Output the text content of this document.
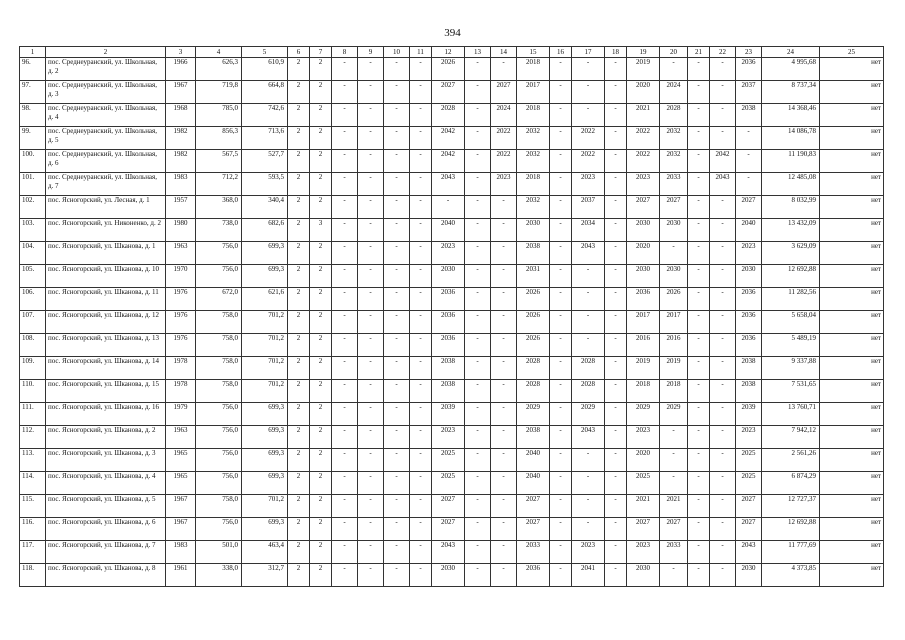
394
1	2	3	4	5	6	7	8	9	10	11	12	13	14	15	16	17	18	19	20	21	22	23	24	25
96.	пос. Среднеуранский, ул. Школьная, д. 2	1966	626,3	610,9	2	2	-	-	-	-	2026	-	-	2018	-	-	-	2019	-	-	-	2036	4 995,68	нет
97.	пос. Среднеуранский, ул. Школьная, д. 3	1967	719,8	664,8	2	2	-	-	-	-	2027	-	2027	2017	-	-	-	2020	2024	-	-	2037	8 737,34	нет
98.	пос. Среднеуранский, ул. Школьная, д. 4	1968	785,0	742,6	2	2	-	-	-	-	2028	-	2024	2018	-	-	-	2021	2028	-	-	2038	14 368,46	нет
99.	пос. Среднеуранский, ул. Школьная, д. 5	1982	856,3	713,6	2	2	-	-	-	-	2042	-	2022	2032	-	2022	-	2022	2032	-	-	-	14 086,78	нет
100.	пос. Среднеуранский, ул. Школьная, д. 6	1982	567,5	527,7	2	2	-	-	-	-	2042	-	2022	2032	-	2022	-	2022	2032	-	2042	-	11 190,83	нет
101.	пос. Среднеуранский, ул. Школьная, д. 7	1983	712,2	593,5	2	2	-	-	-	-	2043	-	2023	2018	-	2023	-	2023	2033	-	2043	-	12 485,08	нет
102.	пос. Ясногорский, ул. Лесная, д. 1	1957	368,0	340,4	2	2	-	-	-	-	-	-	-	2032	-	2037	-	2027	2027	-	-	2027	8 032,99	нет
103.	пос. Ясногорский, ул. Никоненко, д. 2	1980	738,0	682,6	2	3	-	-	-	-	2040	-	-	2030	-	2034	-	2030	2030	-	-	2040	13 432,09	нет
104.	пос. Ясногорский, ул. Шканова, д. 1	1963	756,0	699,3	2	2	-	-	-	-	2023	-	-	2038	-	2043	-	2020	-	-	-	2023	3 629,09	нет
105.	пос. Ясногорский, ул. Шканова, д. 10	1970	756,0	699,3	2	2	-	-	-	-	2030	-	-	2031	-	-	-	2030	2030	-	-	2030	12 692,88	нет
106.	пос. Ясногорский, ул. Шканова, д. 11	1976	672,0	621,6	2	2	-	-	-	-	2036	-	-	2026	-	-	-	2036	2026	-	-	2036	11 282,56	нет
107.	пос. Ясногорский, ул. Шканова, д. 12	1976	758,0	701,2	2	2	-	-	-	-	2036	-	-	2026	-	-	-	2017	2017	-	-	2036	5 658,04	нет
108.	пос. Ясногорский, ул. Шканова, д. 13	1976	758,0	701,2	2	2	-	-	-	-	2036	-	-	2026	-	-	-	2016	2016	-	-	2036	5 489,19	нет
109.	пос. Ясногорский, ул. Шканова, д. 14	1978	758,0	701,2	2	2	-	-	-	-	2038	-	-	2028	-	2028	-	2019	2019	-	-	2038	9 337,88	нет
110.	пос. Ясногорский, ул. Шканова, д. 15	1978	758,0	701,2	2	2	-	-	-	-	2038	-	-	2028	-	2028	-	2018	2018	-	-	2038	7 531,65	нет
111.	пос. Ясногорский, ул. Шканова, д. 16	1979	756,0	699,3	2	2	-	-	-	-	2039	-	-	2029	-	2029	-	2029	2029	-	-	2039	13 760,71	нет
112.	пос. Ясногорский, ул. Шканова, д. 2	1963	756,0	699,3	2	2	-	-	-	-	2023	-	-	2038	-	2043	-	2023	-	-	-	2023	7 942,12	нет
113.	пос. Ясногорский, ул. Шканова, д. 3	1965	756,0	699,3	2	2	-	-	-	-	2025	-	-	2040	-	-	-	2020	-	-	-	2025	2 561,26	нет
114.	пос. Ясногорский, ул. Шканова, д. 4	1965	756,0	699,3	2	2	-	-	-	-	2025	-	-	2040	-	-	-	2025	-	-	-	2025	6 874,29	нет
115.	пос. Ясногорский, ул. Шканова, д. 5	1967	758,0	701,2	2	2	-	-	-	-	2027	-	-	2027	-	-	-	2021	2021	-	-	2027	12 727,37	нет
116.	пос. Ясногорский, ул. Шканова, д. 6	1967	756,0	699,3	2	2	-	-	-	-	2027	-	-	2027	-	-	-	2027	2027	-	-	2027	12 692,88	нет
117.	пос. Ясногорский, ул. Шканова, д. 7	1983	501,0	463,4	2	2	-	-	-	-	2043	-	-	2033	-	2023	-	2023	2033	-	-	2043	11 777,69	нет
118.	пос. Ясногорский, ул. Шканова, д. 8	1961	338,0	312,7	2	2	-	-	-	-	2030	-	-	2036	-	2041	-	2030	-	-	-	2030	4 373,85	нет
